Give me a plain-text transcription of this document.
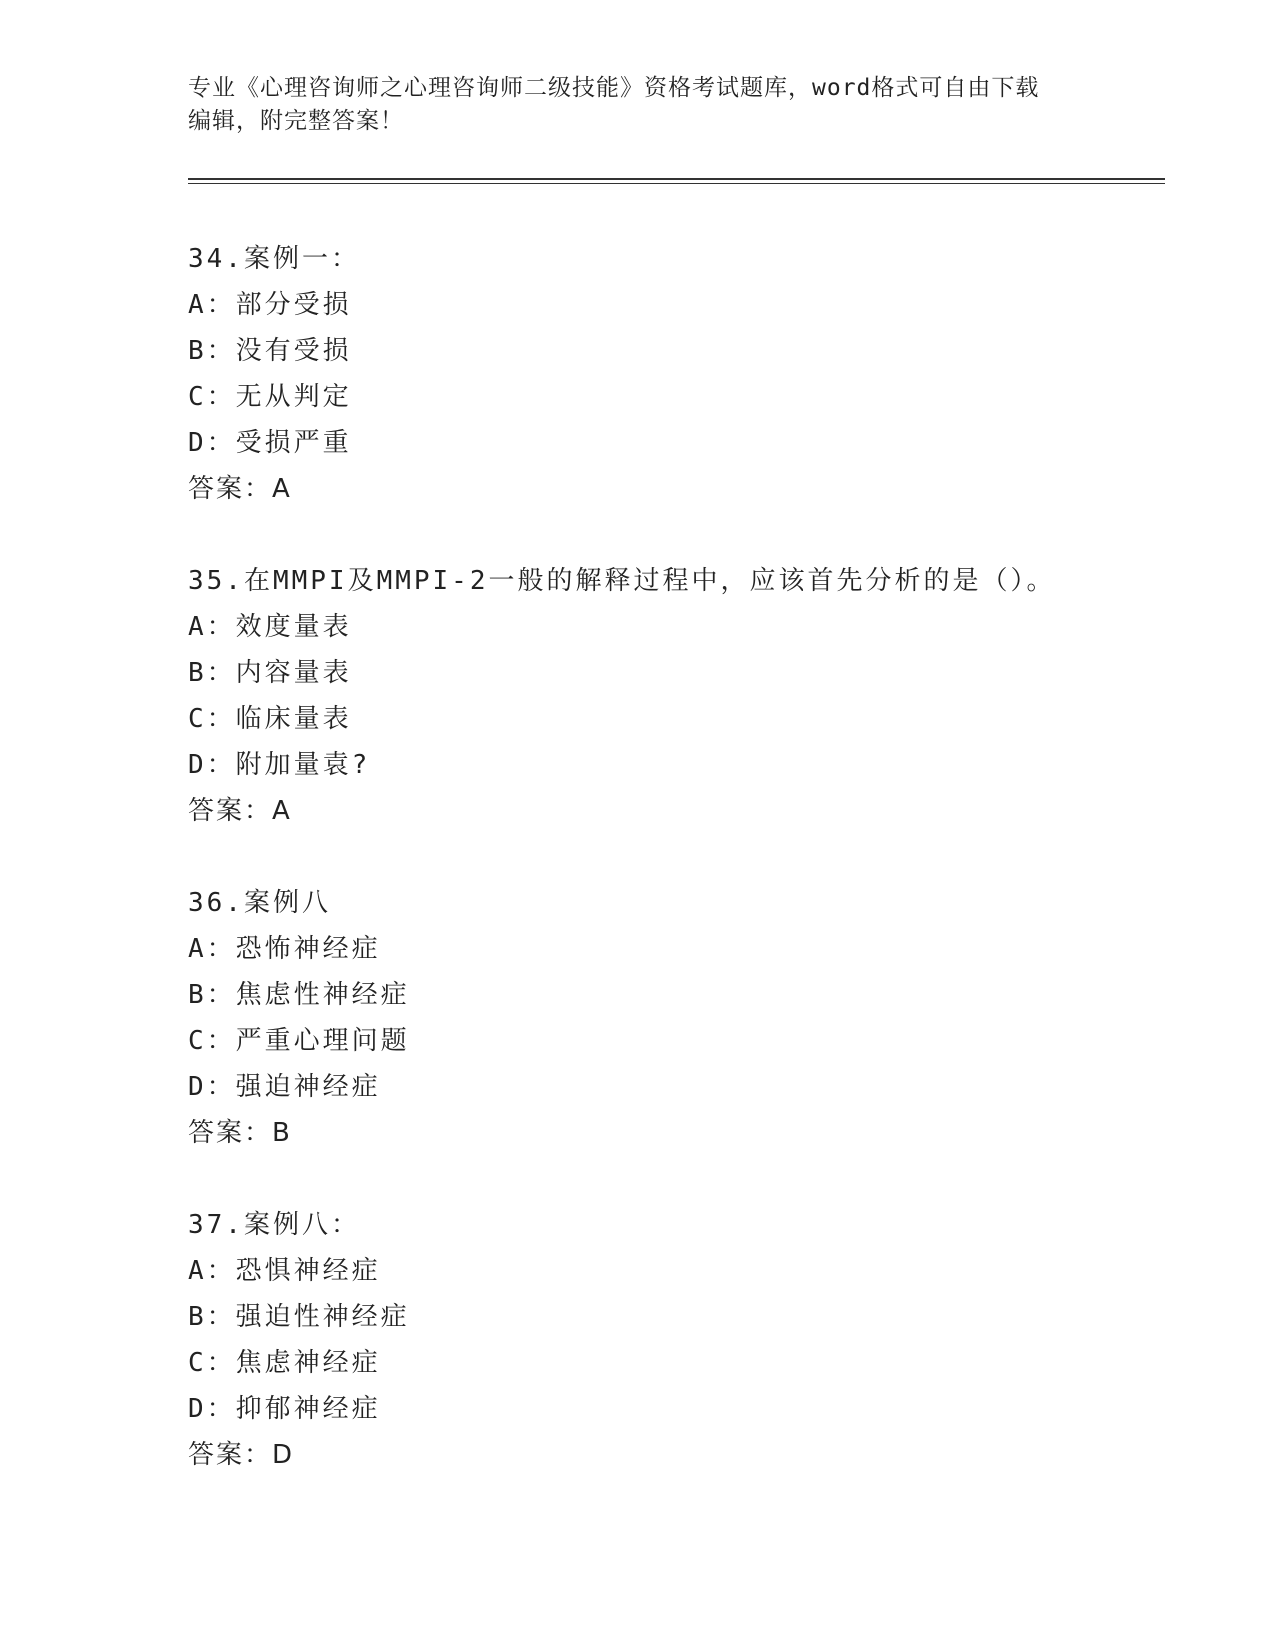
专业《心理咨询师之心理咨询师二级技能》资格考试题库，word格式可自由下载

编辑，附完整答案！

34.案例一：
A：部分受损
B：没有受损
C：无从判定
D：受损严重
答案：A
35.在MMPI及MMPI-2一般的解释过程中，应该首先分析的是（）。
A：效度量表
B：内容量表
C：临床量表
D：附加量袁?
答案：A
36.案例八
A：恐怖神经症
B：焦虑性神经症
C：严重心理问题
D：强迫神经症
答案：B
37.案例八：
A：恐惧神经症
B：强迫性神经症
C：焦虑神经症
D：抑郁神经症
答案：D
